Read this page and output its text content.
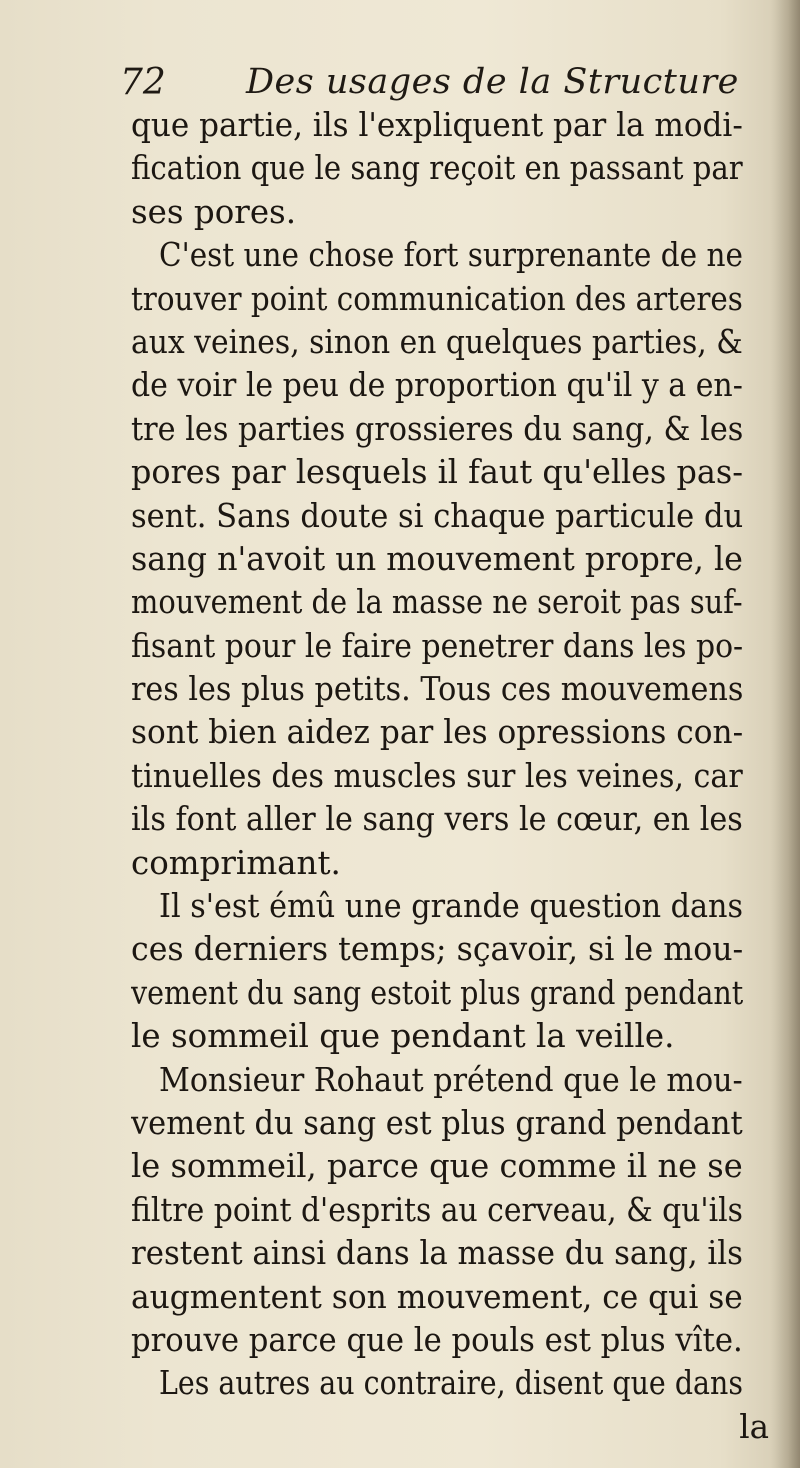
72 Des usages de la Structure
que partie, ils l'expliquent par la modi-
fication que le sang reçoit en passant par
ses pores.
C'est une chose fort surprenante de ne
trouver point communication des arteres
aux veines, sinon en quelques parties, &
de voir le peu de proportion qu'il y a en-
tre les parties grossieres du sang, & les
pores par lesquels il faut qu'elles pas-
sent. Sans doute si chaque particule du
sang n'avoit un mouvement propre, le
mouvement de la masse ne seroit pas suf-
fisant pour le faire penetrer dans les po-
res les plus petits. Tous ces mouvemens
sont bien aidez par les opressions con-
tinuelles des muscles sur les veines, car
ils font aller le sang vers le cœur, en les
comprimant.
Il s'est émû une grande question dans
ces derniers temps; sçavoir, si le mou-
vement du sang estoit plus grand pendant
le sommeil que pendant la veille.
Monsieur Rohaut prétend que le mou-
vement du sang est plus grand pendant
le sommeil, parce que comme il ne se
filtre point d'esprits au cerveau, & qu'ils
restent ainsi dans la masse du sang, ils
augmentent son mouvement, ce qui se
prouve parce que le pouls est plus vîte.
Les autres au contraire, disent que dans
la
